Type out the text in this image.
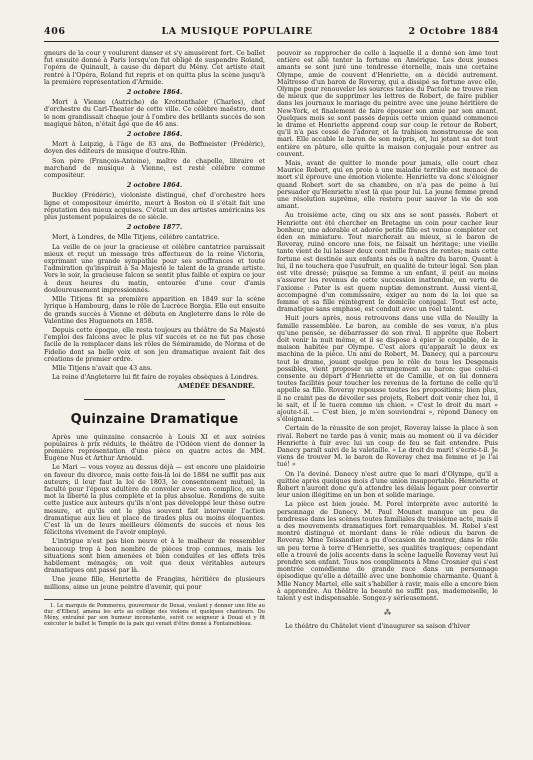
406	LA MUSIQUE POPULAIRE	2 Octobre 1884

gneurs de la cour y voulurent danser et s'y amusèrent fort. Ce ballet fut ensuite donné à Paris lorsqu'on fut obligé de suspendre Roland, l'opéra de Quinault, à cause du départ du Mény. Cet artiste était rentré à l'Opéra, Roland fut repris et on quitta plus la scène jusqu'à la première représentation d'Armide.

2 octobre 1864.

Mort à Vienne (Autriche) de Krottenthaler (Charles), chef d'orchestre du Carl-Theater de cette ville. Ce célèbre maëstro, dont le nom grandissait chaque jour à l'ombre des brillants succès de son magique bâton, n'était âgé que de 46 ans.

2 octobre 1864.

Mort à Leipzig, à l'âge de 83 ans, de Boffmeister (Frédéric), doyen des éditeurs de musique d'outre-Rhin.

Son père (François-Antoine), maître de chapelle, libraire et marchand de musique à Vienne, est resté célèbre comme compositeur.

2 octobre 1864.

Buckley (Frédéric), violoniste distingué, chef d'orchestre hors ligne et compositeur émérite, meurt à Boston où il s'était fait une réputation des mieux acquises. C'était un des artistes américains les plus justement populaires de ce siècle.

2 octobre 1877.

Mort, à Londres, de Mlle Titjens, célèbre cantatrice.

La veille de ce jour la gracieuse et célèbre cantatrice paraissait mieux et reçut un message très affectueux de la reine Victoria, exprimant une grande sympathie pour ses souffrances et toute l'admiration qu'inspirait à Sa Majesté le talent de la grande artiste. Vers le soir, la gracieuse falcon se sentit plus faible et expira ce jour à deux heures du matin, entourée d'une cour d'amis douloureusement impressionnés.

Mlle Titjens fit sa première apparition en 1849 sur la scène lyrique à Hambourg, dans le rôle de Lucrèce Borgia. Elle eut ensuite de grands succès à Vienne et débuta en Angleterre dans le rôle de Valentine des Huguenots en 1858.

Depuis cette époque, elle resta toujours au théâtre de Sa Majesté l'emploi des falcons avec le plus vif succès et ce ne fut pas chose facile de la remplacer dans les rôles de Sémiramide, de Norma et de Fidelio dont sa belle voix et son jeu dramatique avaient fait des créations de premier ordre.

Mlle Titjens n'avait que 43 ans.

La reine d'Angleterre lui fit faire de royales obsèques à Londres.

AMÉDÉE DÉSANDRÉ.
Quinzaine Dramatique

Après une quinzaine consacrée à Louis XI et aux soirées populaires à prix réduits, le théâtre de l'Odéon vient de donner la première représentation d'une pièce en quatre actes de MM. Eugène Nus et Arthur Arnould.

Le Mari — vous voyez au dessus déjà — est encore une plaidoirie en faveur du divorce, mais cette fois-là loi de 1884 ne suffit pas aux auteurs; il leur faut la loi de 1803, le consentement mutuel, la faculté pour l'époux adultère de convoler avec son complice, en un mot la liberté la plus complète et la plus absolue. Rendons de suite cette justice aux auteurs qu'ils n'ont pas développé leur thèse outre mesure, et qu'ils ont le plus souvent fait intervenir l'action dramatique aux lieu et place de tirades plus ou moins éloquentes. C'est là un de leurs meilleurs éléments de succès et nous les félicitons vivement de l'avoir employé.

L'intrigue n'est pas bien neuve et à le malheur de ressembler beaucoup trop à bon nombre de pièces trop connues, mais les situations sont bien amenées et bien conduites et les effets très habilement ménagés; on voit que deux véritables auteurs dramatiques ont passé par là.

Une jeune fille, Henriette de Frangins, héritière de plusieurs millions, aime un jeune peintre d'avenir, qui pour

1. Le marquis de Pommereu, gouverneur de Douai, voulant y donner une fête au duc d'Elbeuf, amena les arts au collège des violons et quelques chanteurs. Du Mény, entraîné par son humeur inconstante, suivit ce seigneur à Douai et y fit exécuter le ballet le Temple de la paix qui venait d'être donné à Fontainebleau.

pouvoir se rapprocher de celle à laquelle il a donné son âme tout entière est allé tenter la fortune en Amérique. Les deux jeunes amants se sont juré une tendresse éternelle, mais une certaine Olympe, amie de couvent d'Henriette, en a décidé autrement. Maîtresse d'un baron de Roveray, qui a dissipé sa fortune avec elle, Olympe pour renouveler les sources taries du Pactole ne trouve rien de mieux que de supprimer les lettres de Robert, de faire publier dans les journaux le mariage du peintre avec une jeune héritière de New-York, et finalement de faire épouser son amie par son amant. Quelques mois se sont passés depuis cette union quand commence le drame et Henriette apprend coup sur coup le retour de Robert, qu'il n'a pas cessé de l'adorer, et la trahison monstrueuse de son mari. Elle accable le baron de son mépris, et, lui jetant sa dot tout entière en pâture, elle quitte la maison conjugale pour entrer au couvent.

Mais, avant de quitter le monde pour jamais, elle court chez Maurice Robert, qui en proie à une maladie terrible est menacé de mort s'il éprouve une émotion violente. Henriette va donc s'éloigner quand Robert sort de sa chambre, on n'a pas de peine à lui persuader qu'Henriette n'est là que pour lui. La jeune femme prend une résolution suprême, elle restera pour sauver la vie de son amant.

Au troisième acte, cinq ou six ans se sont passés. Robert et Henriette ont été chercher en Bretagne un coin pour cacher leur bonheur, une adorable et adorée petite fille est venue compléter cet éden en miniature. Tout marcherait au mieux, si le baron de Roveray, ruiné encore une fois, ne faisait un héritage; une vieille tante vient de lui laisser deux cent mille francs de rentes; mais cette fortune est destinée aux enfants nés ou à naître du baron. Quant à lui, il ne touchera que l'usufruit, en qualité de tuteur légal. Son plan est vite dressé; puisque sa femme a un enfant, il peut au moins s'assurer les revenus de cette succession inattendue, en vertu de l'axiome : Pater is est quem nuptiæ demonstrant. Aussi vient-il, accompagné d'un commissaire, exiger au nom de la loi que sa femme et sa fille réintègrent le domicile conjugal. Tout est acte, dramatique sans emphase, est conduit avec un réel talent.

Huit jours après, nous retrouvons dans une villa de Neuilly la famille rassemblée. Le baron, au comble de ses vœux, n'a plus qu'une pensée, se débarrasser de son rival. Il apprête que Robert doit venir la nuit même, et il se dispose à épier le coupable, de la maison habitée par Olympe. C'est alors qu'apparaît le deux ex machina de la pièce. Un ami de Robert, M. Danecy, qui a parcouru tout le drame, jouant quelque peu le rôle de tous les Desgenais possibles, vient proposer un arrangement au baron: que celui-ci consente au départ d'Henriette et de Camille, et on lui donnera toutes facilités pour toucher les revenus de la fortune de celle qu'il appelle sa fille. Roveray repousse toutes les propositions; bien plus, il ne craint pas de dévoiler ses projets, Robert doit venir chez lui, il le sait, et il le tuera comme un chien. « C'est le droit du mari » ajoute-t-il. — C'est bien, je m'en souviendrai », répond Danecy en s'éloignant.

Certain de la réussite de son projet, Roveray laisse la place à son rival. Robert ne tarde pas à venir, mais au moment où il va décider Henriette à fuir avec lui un coup de feu se fait entendre. Puis Danecy paraît suivi de la valetaille. « Le droit du mari! s'écrie-t-il. Je viens de trouver M. le baron de Roveray chez ma femme et je l'ai tué! »

On l'a deviné. Danecy n'est autre que le mari d'Olympe, qu'il a quittée après quelques mois d'une union insupportable. Henriette et Robert n'auront donc qu'à attendre les délais légaux pour convertir leur union illégitime en un bon et solide mariage.

La pièce est bien jouée. M. Porel interprète avec autorité le personnage de Danecy. M. Paul Mounet manque un peu de tendresse dans les scènes toutes familiales du troisième acte, mais il a des mouvements dramatiques fort remarquables. M. Robel s'est montré distingué et mordant dans le rôle odieux du baron de Roveray. Mme Teissandier a pu d'occasion de montrer, dans le rôle un peu terne à terre d'Henriette, ses qualités tragiques; cependant elle a trouvé de jolis accents dans la scène laquelle Roveray veut lui prendre son enfant. Tous nos compliments à Mme Crosnier qui s'est montrée comédienne de grande race dans un personnage épisodique qu'elle a détaillé avec une bonhomie charmante. Quant à Mlle Nancy Martel, elle sait s'habiller à ravir, mais elle a encore bien à apprendre. Au théâtre la beauté ne suffit pas, mademoiselle, le talent y est indispensable. Songez-y sérieusement.

⁂

Le théâtre du Châtelet vient d'inaugurer sa saison d'hiver
